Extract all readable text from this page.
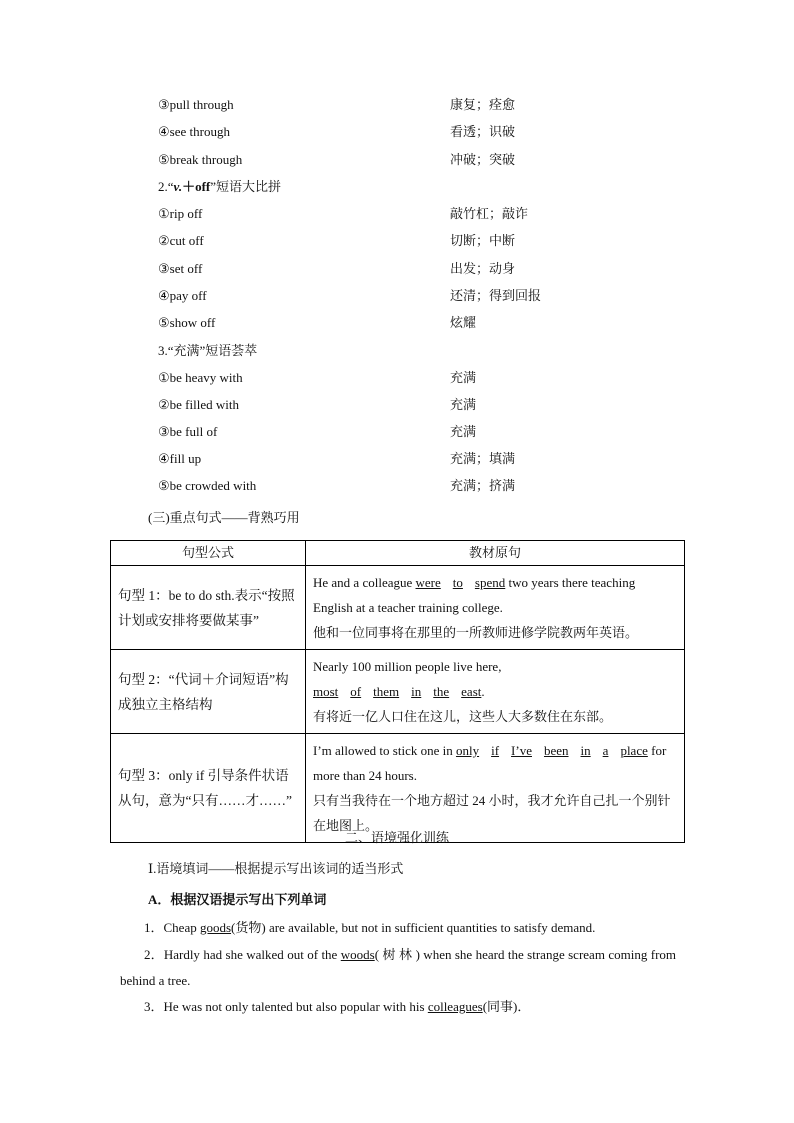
③pull through	康复；痊愈
④see through	看透；识破
⑤break through	冲破；突破
2.“v.＋off”短语大比拼
①rip off	敲竹杠；敲诈
②cut off	切断；中断
③set off	出发；动身
④pay off	还清；得到回报
⑤show off	炫耀
3.“充满”短语荟萃
①be heavy with	充满
②be filled with	充满
③be full of	充满
④fill up	充满；填满
⑤be crowded with	充满；挤满
(三)重点句式——背熟巧用
句型公式	教材原句
句型 1：be to do sth.表示“按照计划或安排将要做某事”	He and a colleague were to spend two years there teaching English at a teacher training college.
他和一位同事将在那里的一所教师进修学院教两年英语。
句型 2：“代词＋介词短语”构成独立主格结构	Nearly 100 million people live here,
most of them in the east.
有将近一亿人口住在这儿，这些人大多数住在东部。
句型 3：only if 引导条件状语从句，意为“只有……才……”	I’m allowed to stick one in only if I’ve been in a place for more than 24 hours.
只有当我待在一个地方超过 24 小时，我才允许自己扎一个别针在地图上。
二、语境强化训练
Ⅰ.语境填词——根据提示写出该词的适当形式
A．根据汉语提示写出下列单词
1．Cheap goods(货物) are available, but not in sufficient quantities to satisfy demand.
2．Hardly had she walked out of the woods( 树 林 ) when she heard the strange scream coming from behind a tree.
3．He was not only talented but also popular with his colleagues(同事)．
